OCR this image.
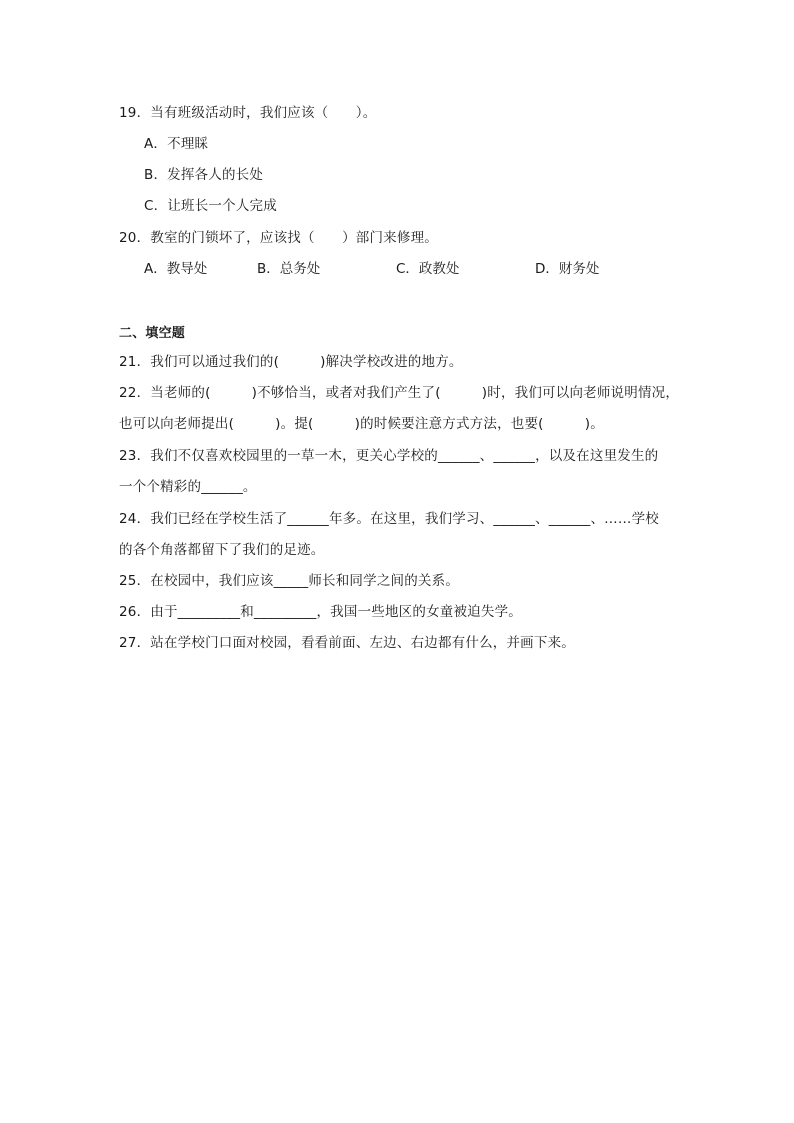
19．当有班级活动时，我们应该（　　）。
A．不理睬
B．发挥各人的长处
C．让班长一个人完成
20．教室的门锁坏了，应该找（　　）部门来修理。
A．教导处	B．总务处	C．政教处	D．财务处
二、填空题
21．我们可以通过我们的(　　　)解决学校改进的地方。
22．当老师的(　　　)不够恰当，或者对我们产生了(　　　)时，我们可以向老师说明情况，
也可以向老师提出(　　　)。提(　　　)的时候要注意方式方法，也要(　　　)。
23．我们不仅喜欢校园里的一草一木，更关心学校的______、______，以及在这里发生的
一个个精彩的______。
24．我们已经在学校生活了______年多。在这里，我们学习、______、______、……学校
的各个角落都留下了我们的足迹。
25．在校园中，我们应该_____师长和同学之间的关系。
26．由于_________和_________，我国一些地区的女童被迫失学。
27．站在学校门口面对校园，看看前面、左边、右边都有什么，并画下来。
